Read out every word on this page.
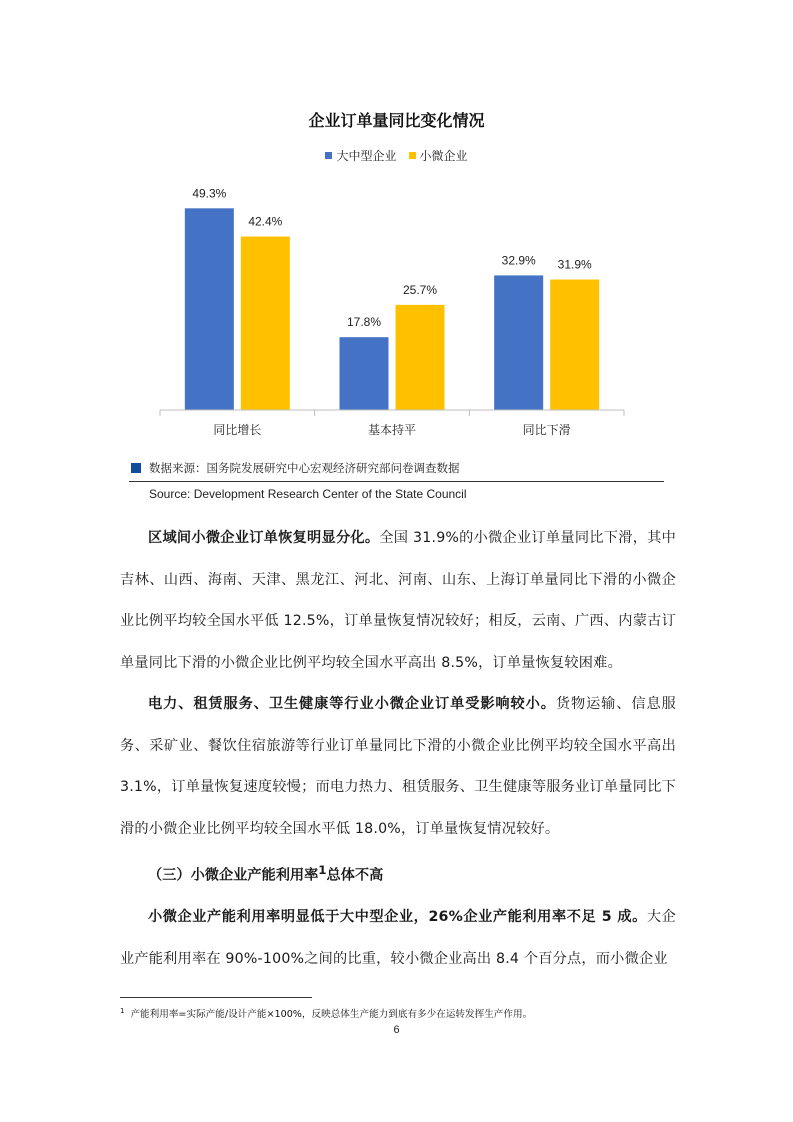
企业订单量同比变化情况
大中型企业 小微企业
49.3%
42.4%
同比增长
17.8%
25.7%
基本持平
32.9% 31.9%
同比下滑
数据来源：国务院发展研究中心宏观经济研究部问卷调查数据
Source: Development Research Center of the State Council

区域间小微企业订单恢复明显分化。全国 31.9%的小微企业订单量同比下滑，其中吉林、山西、海南、天津、黑龙江、河北、河南、山东、上海订单量同比下滑的小微企业比例平均较全国水平低 12.5%，订单量恢复情况较好；相反，云南、广西、内蒙古订单量同比下滑的小微企业比例平均较全国水平高出 8.5%，订单量恢复较困难。

电力、租赁服务、卫生健康等行业小微企业订单受影响较小。货物运输、信息服务、采矿业、餐饮住宿旅游等行业订单量同比下滑的小微企业比例平均较全国水平高出 3.1%，订单量恢复速度较慢；而电力热力、租赁服务、卫生健康等服务业订单量同比下滑的小微企业比例平均较全国水平低 18.0%，订单量恢复情况较好。

（三）小微企业产能利用率$^1$总体不高

小微企业产能利用率明显低于大中型企业，26%企业产能利用率不足 5 成。大企业产能利用率在 90%-100%之间的比重，较小微企业高出 8.4 个百分点，而小微企业

$^1$ 产能利用率=实际产能/设计产能×100%，反映总体生产能力到底有多少在运转发挥生产作用。
6
